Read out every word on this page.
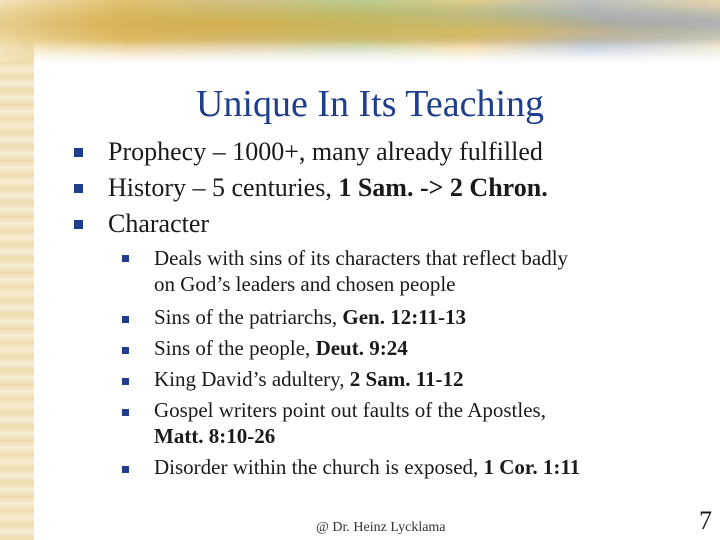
Unique In Its Teaching
Prophecy – 1000+, many already fulfilled
History – 5 centuries, 1 Sam. -> 2 Chron.
Character
Deals with sins of its characters that reflect badly
on God’s leaders and chosen people
Sins of the patriarchs, Gen. 12:11-13
Sins of the people, Deut. 9:24
King David’s adultery, 2 Sam. 11-12
Gospel writers point out faults of the Apostles,
Matt. 8:10-26
Disorder within the church is exposed, 1 Cor. 1:11
@ Dr. Heinz Lycklama	7
